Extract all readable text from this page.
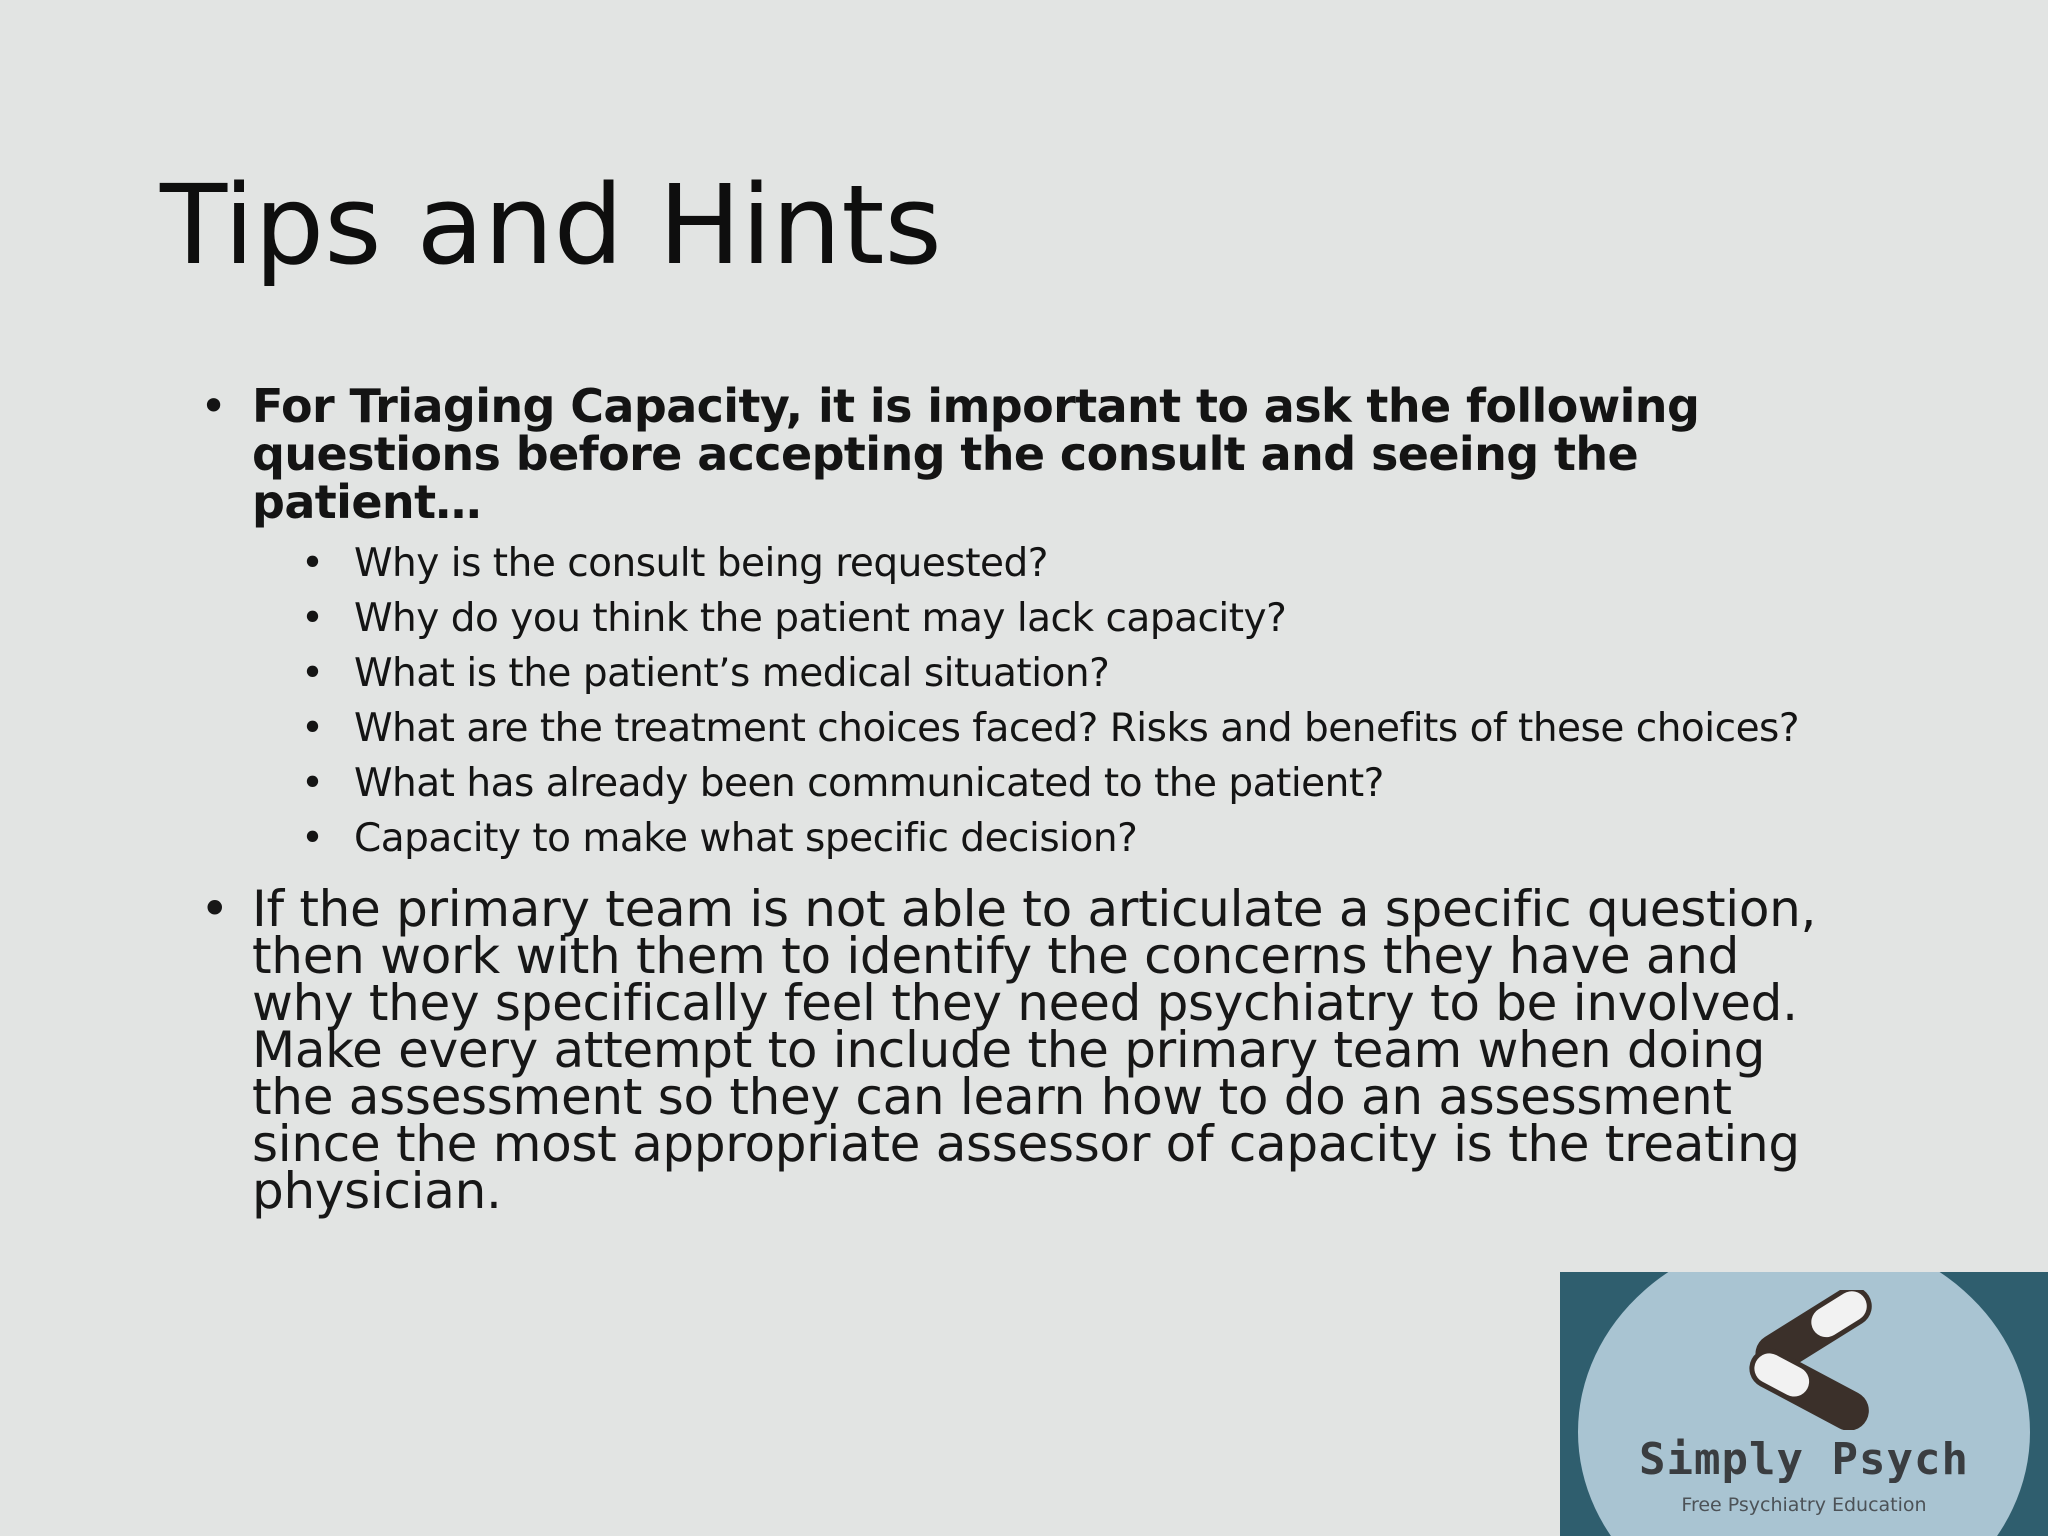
Tips and Hints
• For Triaging Capacity, it is important to ask the following questions before accepting the consult and seeing the patient…
• Why is the consult being requested?
• Why do you think the patient may lack capacity?
• What is the patient’s medical situation?
• What are the treatment choices faced? Risks and benefits of these choices?
• What has already been communicated to the patient?
• Capacity to make what specific decision?
• If the primary team is not able to articulate a specific question, then work with them to identify the concerns they have and why they specifically feel they need psychiatry to be involved. Make every attempt to include the primary team when doing the assessment so they can learn how to do an assessment since the most appropriate assessor of capacity is the treating physician.
Simply Psych
Free Psychiatry Education
